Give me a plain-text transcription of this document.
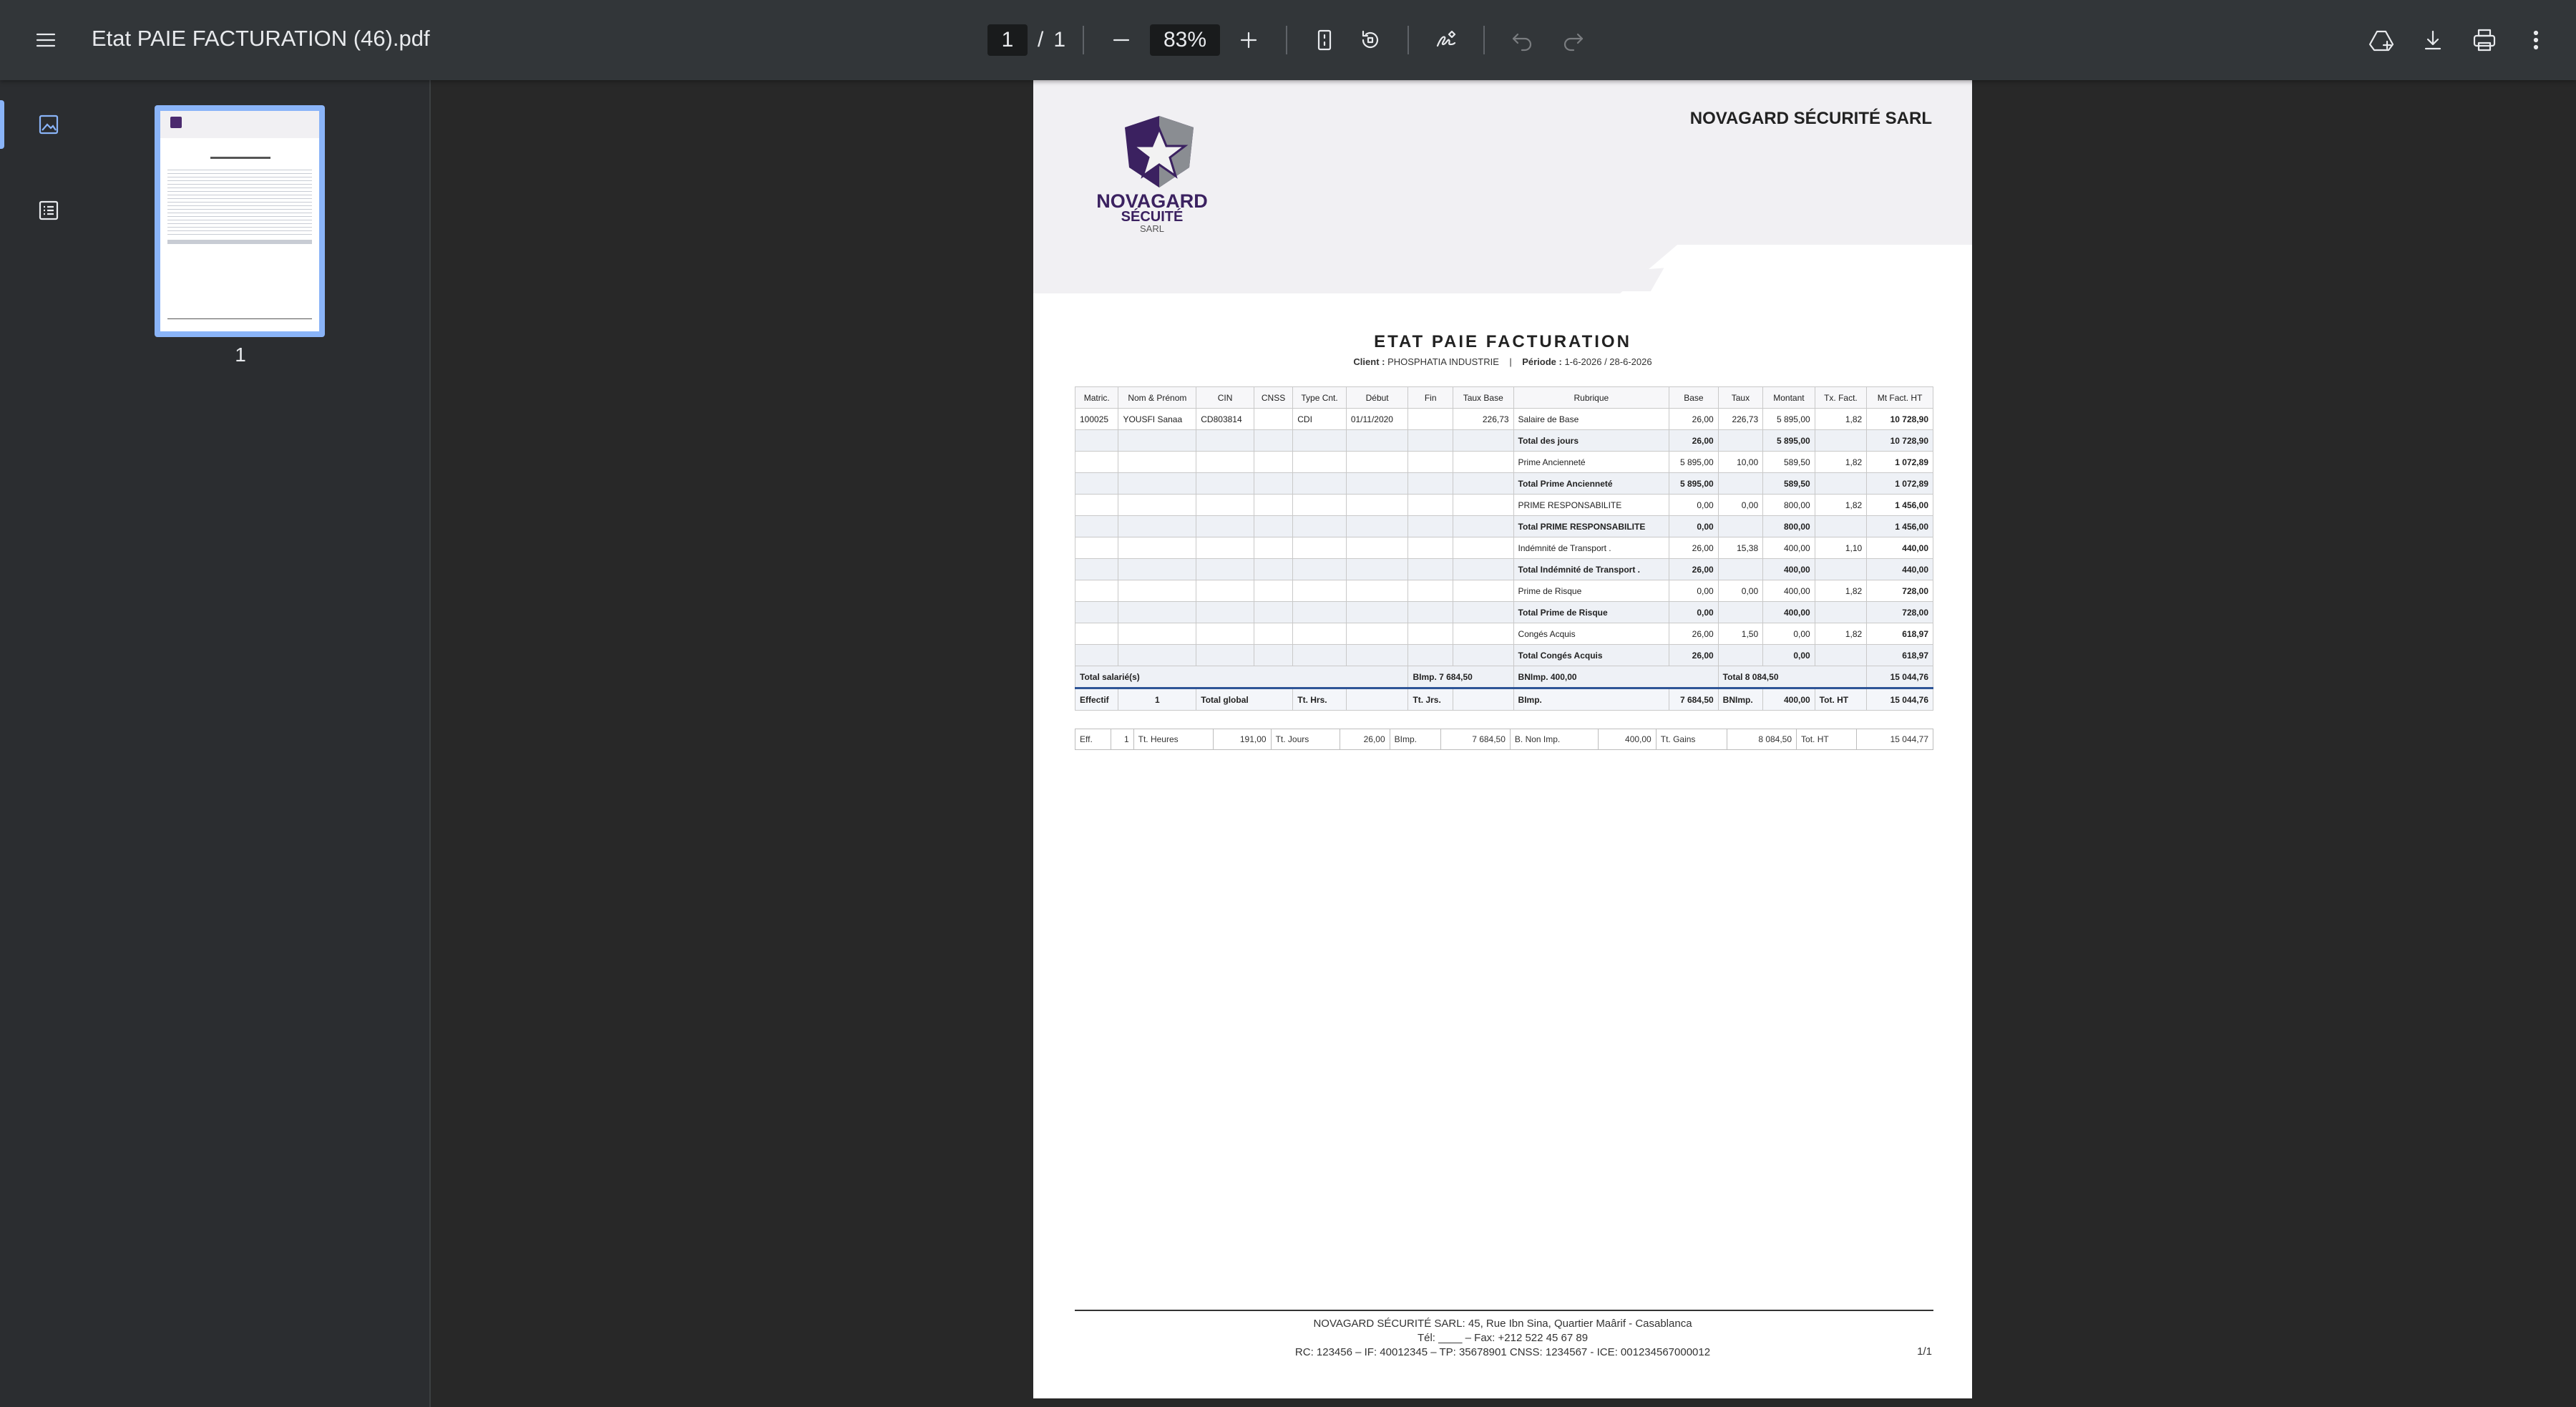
Etat PAIE FACTURATION (46).pdf	1	/ 1	83%
1
NOVAGARD SÉCURITÉ SARL
NOVAGARD
SÉCUITÉ
SARL
ETAT PAIE FACTURATION
Client : PHOSPHATIA INDUSTRIE | Période : 1-6-2026 / 28-6-2026
Matric.	Nom & Prénom	CIN	CNSS	Type Cnt.	Début	Fin	Taux Base	Rubrique	Base	Taux	Montant	Tx. Fact.	Mt Fact. HT
100025	YOUSFI Sanaa	CD803814		CDI	01/11/2020		226,73	Salaire de Base	26,00	226,73	5 895,00	1,82	10 728,90
								Total des jours	26,00		5 895,00		10 728,90
								Prime Ancienneté	5 895,00	10,00	589,50	1,82	1 072,89
								Total Prime Ancienneté	5 895,00		589,50		1 072,89
								PRIME RESPONSABILITE	0,00	0,00	800,00	1,82	1 456,00
								Total PRIME RESPONSABILITE	0,00		800,00		1 456,00
								Indémnité de Transport .	26,00	15,38	400,00	1,10	440,00
								Total Indémnité de Transport .	26,00		400,00		440,00
								Prime de Risque	0,00	0,00	400,00	1,82	728,00
								Total Prime de Risque	0,00		400,00		728,00
								Congés Acquis	26,00	1,50	0,00	1,82	618,97
								Total Congés Acquis	26,00		0,00		618,97
Total salarié(s)						BImp. 7 684,50		BNImp. 400,00		Total 8 084,50			15 044,76
Effectif	1	Total global		Tt. Hrs.		Tt. Jrs.		BImp.	7 684,50	BNImp.	400,00	Tot. HT	15 044,76
Eff.	1	Tt. Heures	191,00	Tt. Jours	26,00	BImp.	7 684,50	B. Non Imp.	400,00	Tt. Gains	8 084,50	Tot. HT	15 044,77
NOVAGARD SÉCURITÉ SARL: 45, Rue Ibn Sina, Quartier Maârif - Casablanca
Tél: ____ – Fax: +212 522 45 67 89
RC: 123456 – IF: 40012345 – TP: 35678901 CNSS: 1234567 - ICE: 001234567000012	1/1
